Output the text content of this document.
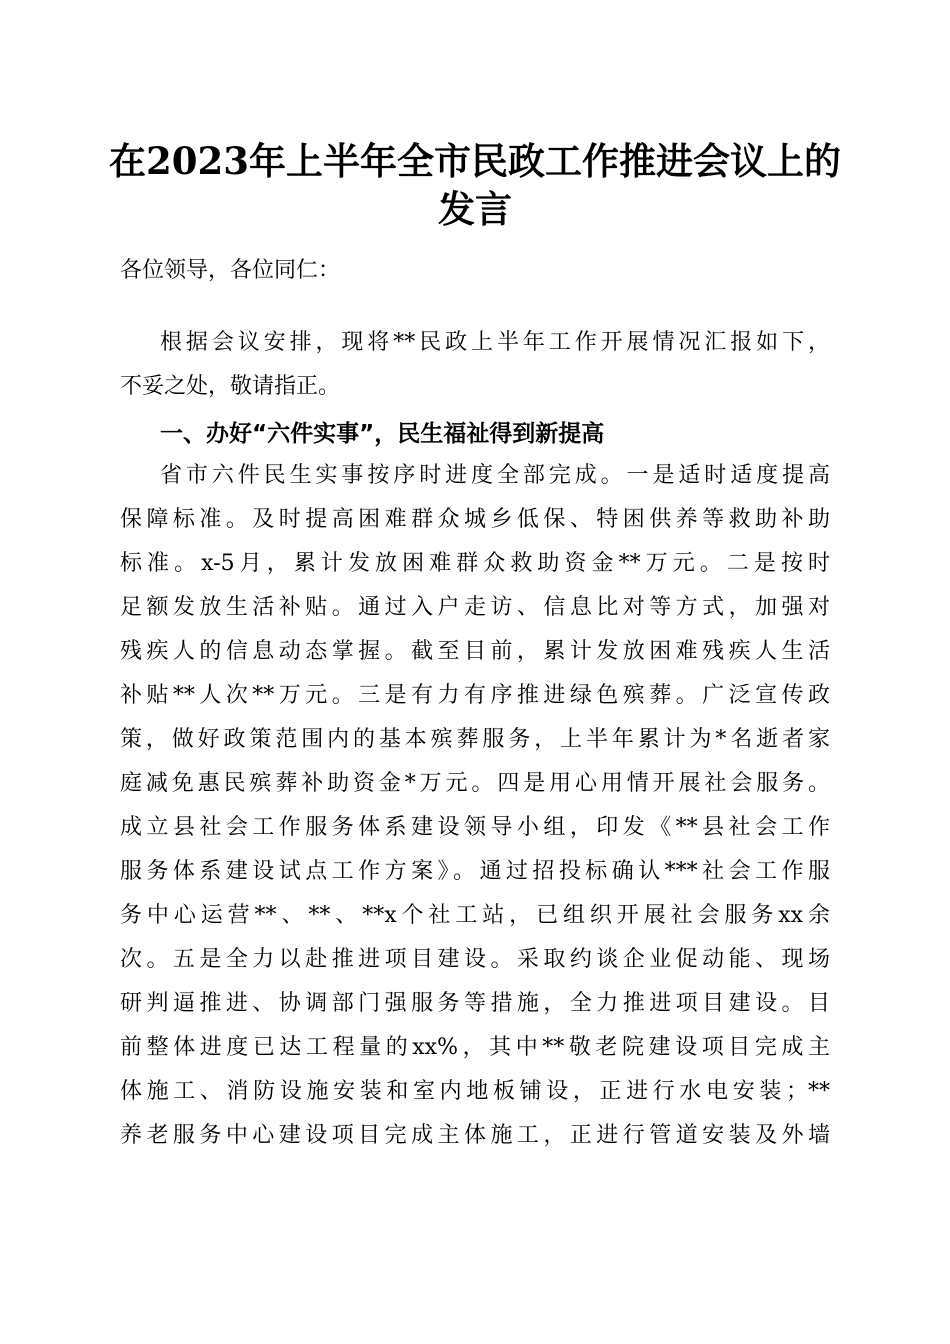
在2023年上半年全市民政工作推进会议上的
发言
各位领导，各位同仁：
根据会议安排，现将**民政上半年工作开展情况汇报如下，
不妥之处，敬请指正。
一、办好“六件实事”，民生福祉得到新提高
省市六件民生实事按序时进度全部完成。一是适时适度提高
保障标准。及时提高困难群众城乡低保、特困供养等救助补助
标准。x-5月，累计发放困难群众救助资金**万元。二是按时
足额发放生活补贴。通过入户走访、信息比对等方式，加强对
残疾人的信息动态掌握。截至目前，累计发放困难残疾人生活
补贴**人次**万元。三是有力有序推进绿色殡葬。广泛宣传政
策，做好政策范围内的基本殡葬服务，上半年累计为*名逝者家
庭减免惠民殡葬补助资金*万元。四是用心用情开展社会服务。
成立县社会工作服务体系建设领导小组，印发《**县社会工作
服务体系建设试点工作方案》。通过招投标确认***社会工作服
务中心运营**、**、**x个社工站，已组织开展社会服务xx余
次。五是全力以赴推进项目建设。采取约谈企业促动能、现场
研判逼推进、协调部门强服务等措施，全力推进项目建设。目
前整体进度已达工程量的xx%，其中**敬老院建设项目完成主
体施工、消防设施安装和室内地板铺设，正进行水电安装；**
养老服务中心建设项目完成主体施工，正进行管道安装及外墙
